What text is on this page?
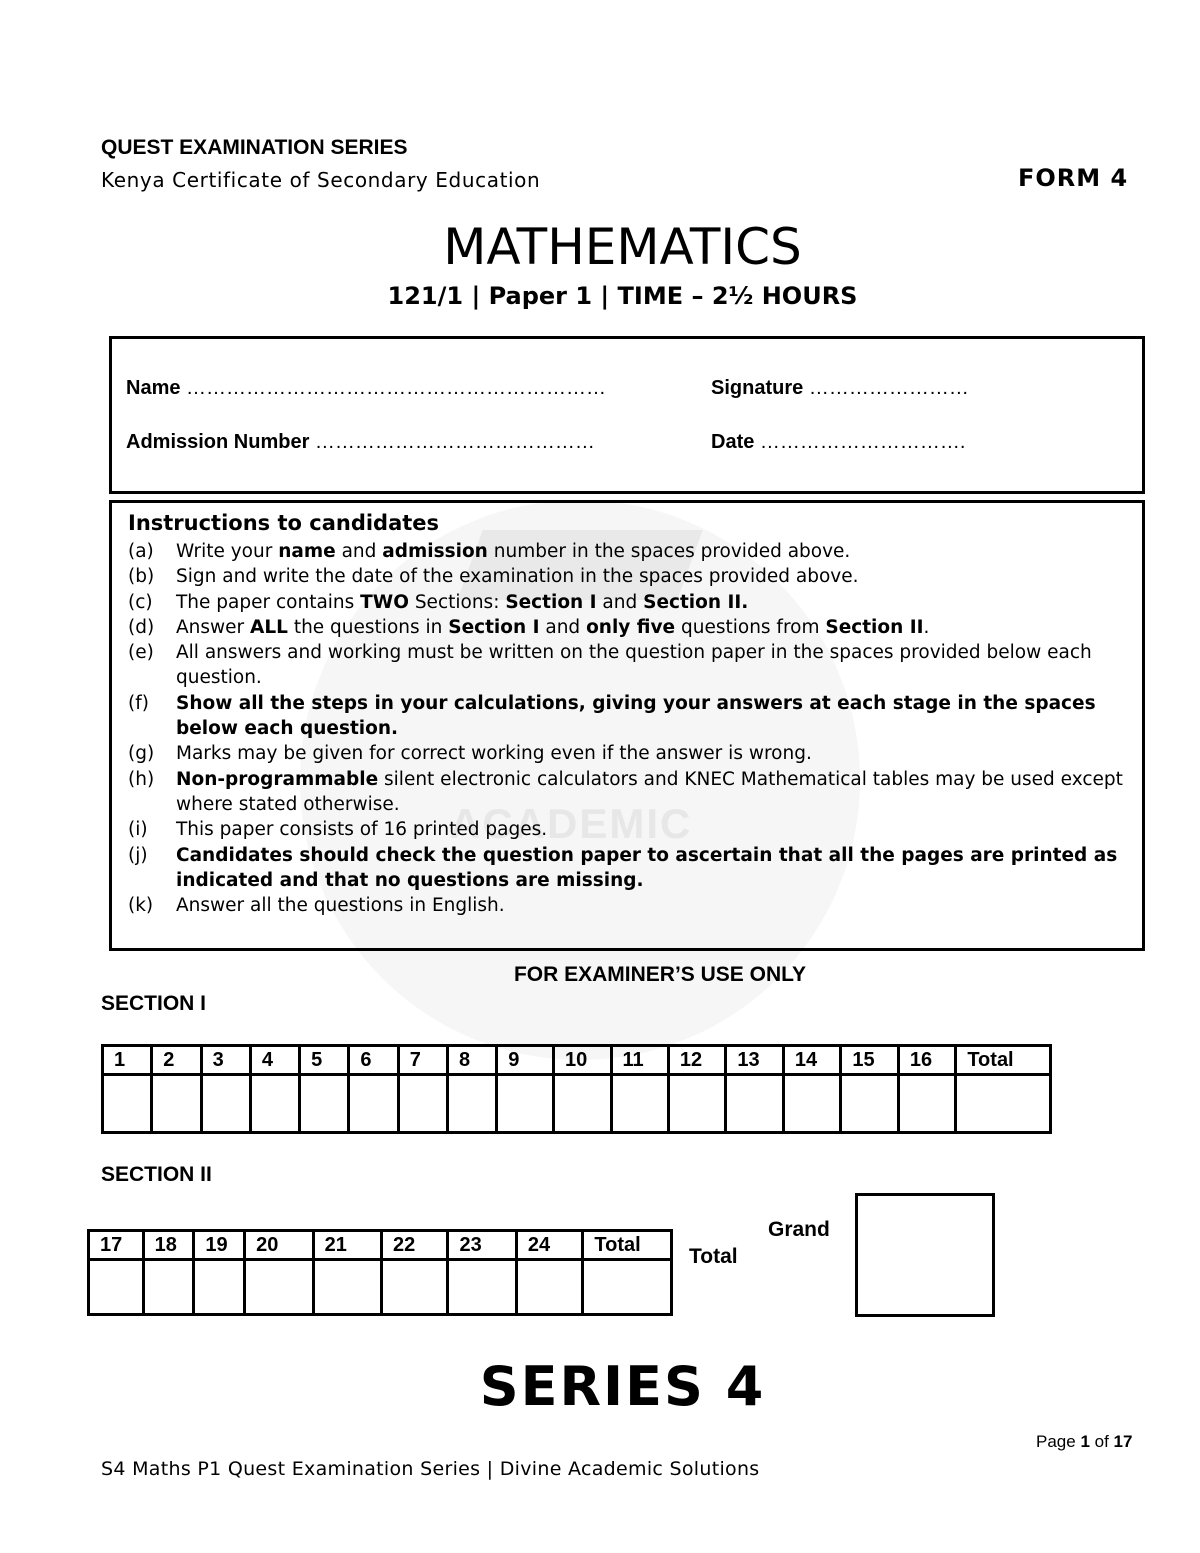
ACADEMIC
QUEST EXAMINATION SERIES
Kenya Certificate of Secondary Education	FORM 4
MATHEMATICS
121/1 | Paper 1 | TIME – 2½ HOURS
Name ………………………………………………………	Signature ……………………
Admission Number ……………………………………	Date ………………………….
Instructions to candidates
(a)	Write your name and admission number in the spaces provided above.
(b)	Sign and write the date of the examination in the spaces provided above.
(c)	The paper contains TWO Sections: Section I and Section II.
(d)	Answer ALL the questions in Section I and only five questions from Section II.
(e)	All answers and working must be written on the question paper in the spaces provided below each question.
(f)	Show all the steps in your calculations, giving your answers at each stage in the spaces below each question.
(g)	Marks may be given for correct working even if the answer is wrong.
(h)	Non-programmable silent electronic calculators and KNEC Mathematical tables may be used except where stated otherwise.
(i)	This paper consists of 16 printed pages.
(j)	Candidates should check the question paper to ascertain that all the pages are printed as indicated and that no questions are missing.
(k)	Answer all the questions in English.
FOR EXAMINER’S USE ONLY
SECTION I
1	2	3	4	5	6	7	8	9	10	11	12	13	14	15	16	Total

SECTION II
17	18	19	20	21	22	23	24	Total

Grand
Total
SERIES 4
Page 1 of 17
S4 Maths P1 Quest Examination Series | Divine Academic Solutions
